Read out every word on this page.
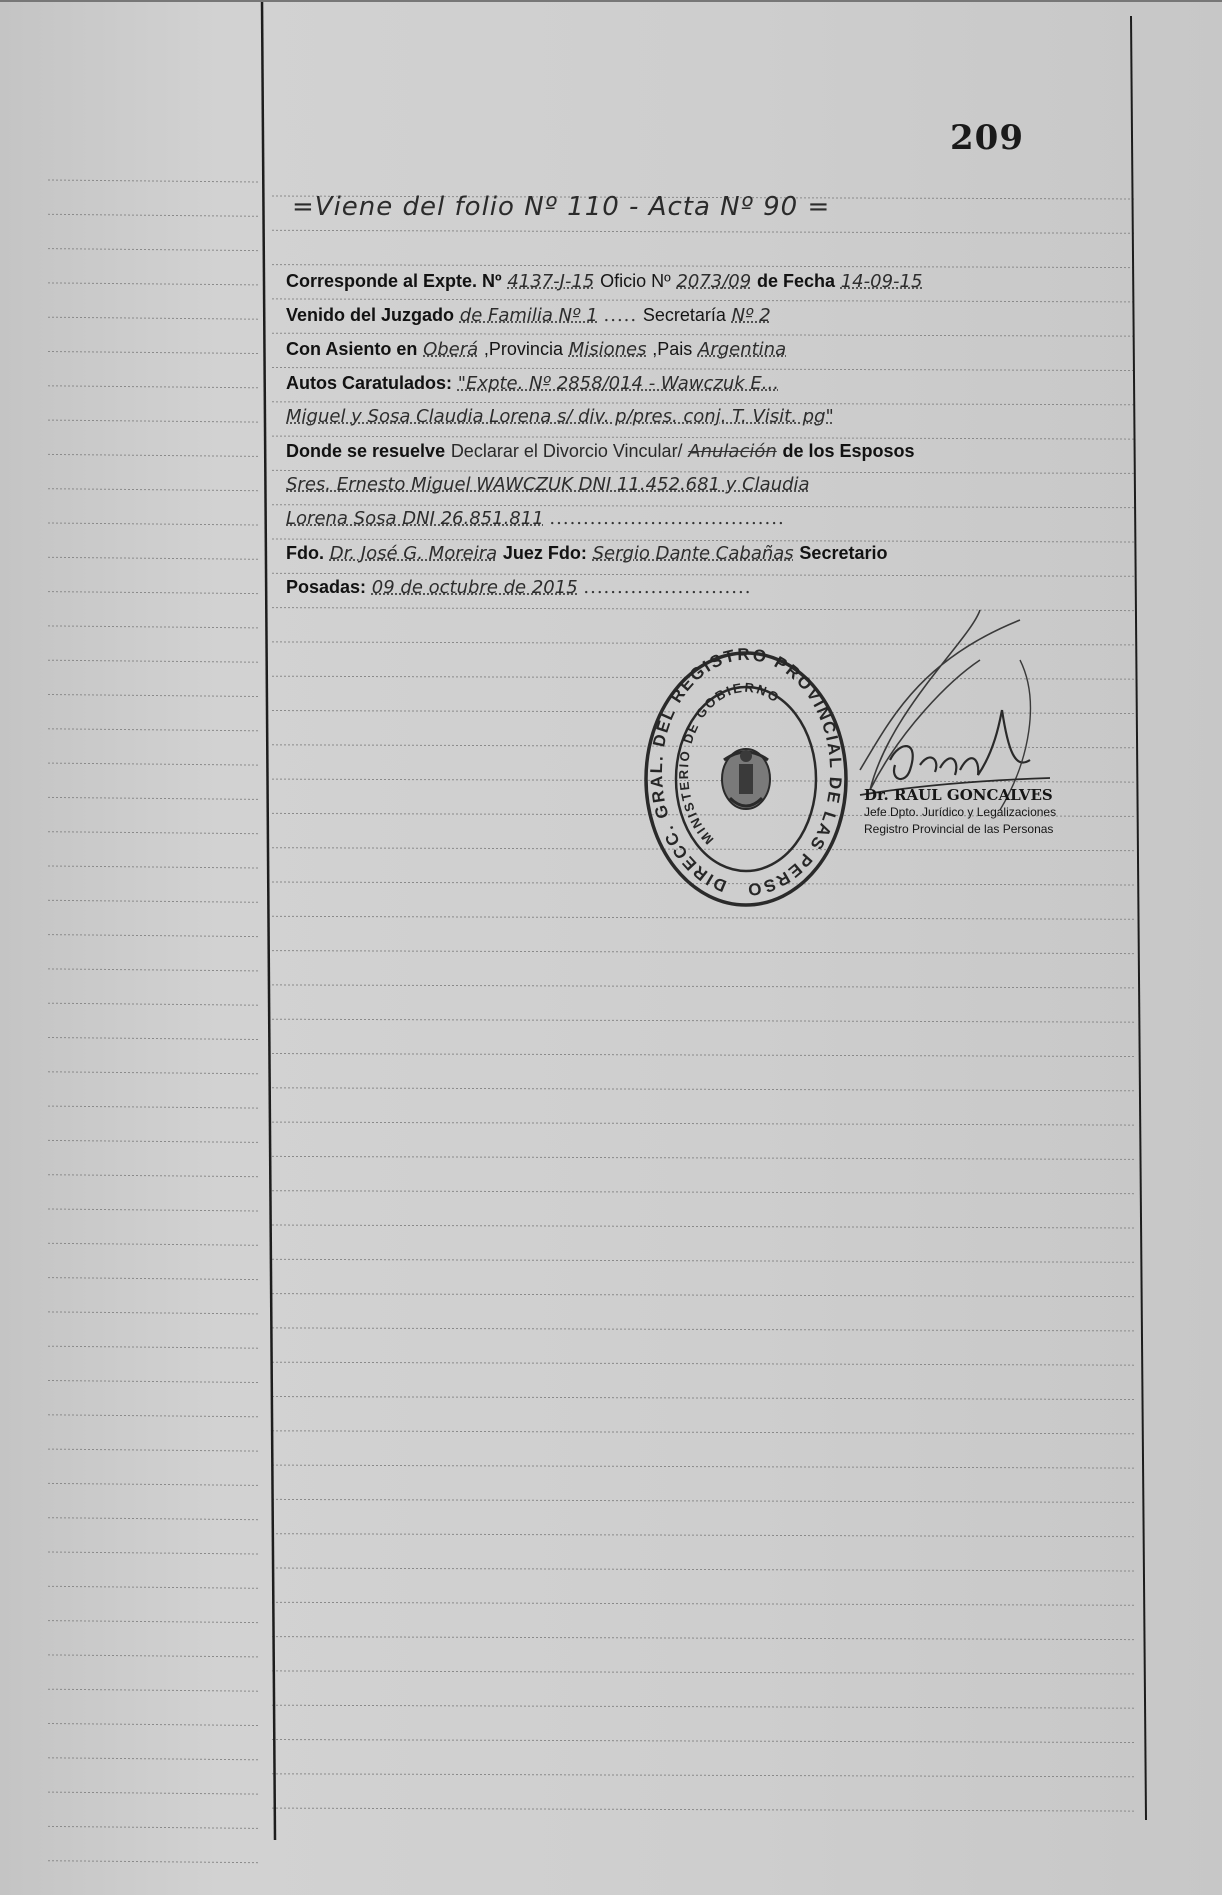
209
=Viene del folio Nº 110 - Acta Nº 90 =
Corresponde al Expte. Nº 4137-J-15 Oficio Nº 2073/09 de Fecha 14-09-15
Venido del Juzgado de Familia Nº 1 ..... Secretaría Nº 2
Con Asiento en Oberá ,Provincia Misiones ,Pais Argentina
Autos Caratulados: "Expte. Nº 2858/014 - Wawczuk E...
Miguel y Sosa Claudia Lorena s/ div. p/pres. conj. T. Visit. pg"
Donde se resuelve Declarar el Divorcio Vincular/ Anulación de los Esposos
Sres. Ernesto Miguel WAWCZUK DNI 11.452.681 y Claudia
Lorena Sosa DNI 26.851.811 ...................................
Fdo. Dr. José G. Moreira Juez Fdo: Sergio Dante Cabañas Secretario
Posadas: 09 de octubre de 2015 .........................
DIRECC. GRAL. DEL REGISTRO PROVINCIAL DE LAS PERSO
MINISTERIO DE GOBIERNO
Dr. RAUL GONCALVES
Jefe Dpto. Jurídico y Legalizaciones
Registro Provincial de las Personas
